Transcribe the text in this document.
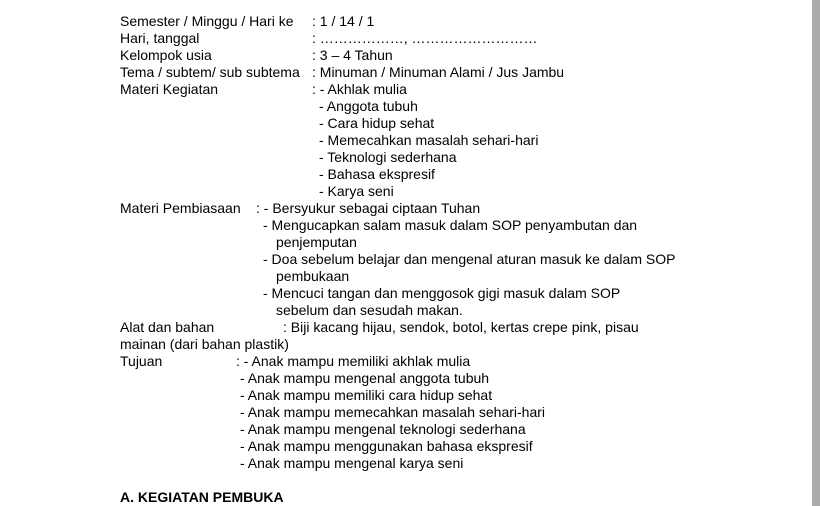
Semester / Minggu / Hari ke : 1 / 14 / 1
Hari, tanggal	: ………………, ………………………
Kelompok usia	: 3 – 4 Tahun
Tema / subtem/ sub subtema : Minuman / Minuman Alami / Jus Jambu
Materi Kegiatan	: - Akhlak mulia
- Anggota tubuh
- Cara hidup sehat
- Memecahkan masalah sehari-hari
- Teknologi sederhana
- Bahasa ekspresif
- Karya seni
Materi Pembiasaan : - Bersyukur sebagai ciptaan Tuhan
- Mengucapkan salam masuk dalam SOP penyambutan dan
penjemputan
- Doa sebelum belajar dan mengenal aturan masuk ke dalam SOP
pembukaan
- Mencuci tangan dan menggosok gigi masuk dalam SOP
sebelum dan sesudah makan.
Alat dan bahan	: Biji kacang hijau, sendok, botol, kertas crepe pink, pisau
mainan (dari bahan plastik)
Tujuan	: - Anak mampu memiliki akhlak mulia
- Anak mampu mengenal anggota tubuh
- Anak mampu memiliki cara hidup sehat
- Anak mampu memecahkan masalah sehari-hari
- Anak mampu mengenal teknologi sederhana
- Anak mampu menggunakan bahasa ekspresif
- Anak mampu mengenal karya seni
A. KEGIATAN PEMBUKA
